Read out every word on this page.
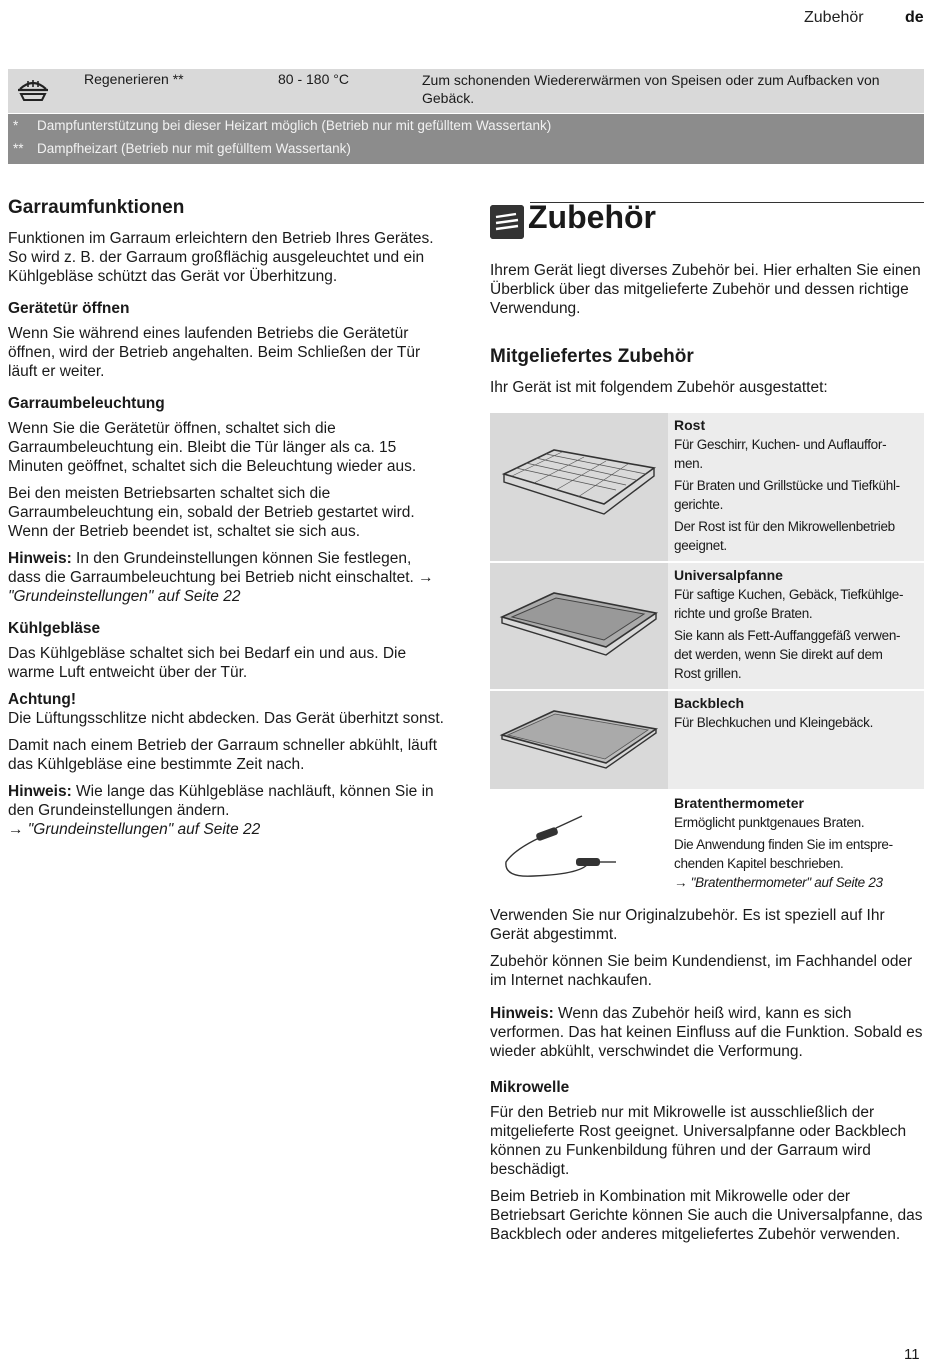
Zubehör	de
Regenerieren **	80 - 180 °C	Zum schonenden Wiedererwärmen von Speisen oder zum Aufbacken von Gebäck.
* Dampfunterstützung bei dieser Heizart möglich (Betrieb nur mit gefülltem Wassertank)
** Dampfheizart (Betrieb nur mit gefülltem Wassertank)
Garraumfunktionen

Funktionen im Garraum erleichtern den Betrieb Ihres Gerätes. So wird z. B. der Garraum großflächig ausgeleuchtet und ein Kühlgebläse schützt das Gerät vor Überhitzung.

Gerätetür öffnen

Wenn Sie während eines laufenden Betriebs die Gerätetür öffnen, wird der Betrieb angehalten. Beim Schließen der Tür läuft er weiter.

Garraumbeleuchtung

Wenn Sie die Gerätetür öffnen, schaltet sich die Garraumbeleuchtung ein. Bleibt die Tür länger als ca. 15 Minuten geöffnet, schaltet sich die Beleuchtung wieder aus.

Bei den meisten Betriebsarten schaltet sich die Garraumbeleuchtung ein, sobald der Betrieb gestartet wird. Wenn der Betrieb beendet ist, schaltet sie sich aus.

Hinweis: In den Grundeinstellungen können Sie festlegen, dass die Garraumbeleuchtung bei Betrieb nicht einschaltet. → "Grundeinstellungen" auf Seite 22

Kühlgebläse

Das Kühlgebläse schaltet sich bei Bedarf ein und aus. Die warme Luft entweicht über der Tür.

Achtung!

Die Lüftungsschlitze nicht abdecken. Das Gerät überhitzt sonst.

Damit nach einem Betrieb der Garraum schneller abkühlt, läuft das Kühlgebläse eine bestimmte Zeit nach.

Hinweis: Wie lange das Kühlgebläse nachläuft, können Sie in den Grundeinstellungen ändern.
→ "Grundeinstellungen" auf Seite 22

Zubehör

Ihrem Gerät liegt diverses Zubehör bei. Hier erhalten Sie einen Überblick über das mitgelieferte Zubehör und dessen richtige Verwendung.

Mitgeliefertes Zubehör

Ihr Gerät ist mit folgendem Zubehör ausgestattet:

Rost
Für Geschirr, Kuchen- und Auflauffor-
men.
Für Braten und Grillstücke und Tiefkühl-
gerichte.
Der Rost ist für den Mikrowellenbetrieb
geeignet.
Universalpfanne
Für saftige Kuchen, Gebäck, Tiefkühlge-
richte und große Braten.
Sie kann als Fett-Auffanggefäß verwen-
det werden, wenn Sie direkt auf dem
Rost grillen.
Backblech
Für Blechkuchen und Kleingebäck.
Bratenthermometer
Ermöglicht punktgenaues Braten.
Die Anwendung finden Sie im entspre-
chenden Kapitel beschrieben.
→ "Bratenthermometer" auf Seite 23

Verwenden Sie nur Originalzubehör. Es ist speziell auf Ihr Gerät abgestimmt.

Zubehör können Sie beim Kundendienst, im Fachhandel oder im Internet nachkaufen.

Hinweis: Wenn das Zubehör heiß wird, kann es sich verformen. Das hat keinen Einfluss auf die Funktion. Sobald es wieder abkühlt, verschwindet die Verformung.

Mikrowelle

Für den Betrieb nur mit Mikrowelle ist ausschließlich der mitgelieferte Rost geeignet. Universalpfanne oder Backblech können zu Funkenbildung führen und der Garraum wird beschädigt.

Beim Betrieb in Kombination mit Mikrowelle oder der Betriebsart Gerichte können Sie auch die Universalpfanne, das Backblech oder anderes mitgeliefertes Zubehör verwenden.

11
